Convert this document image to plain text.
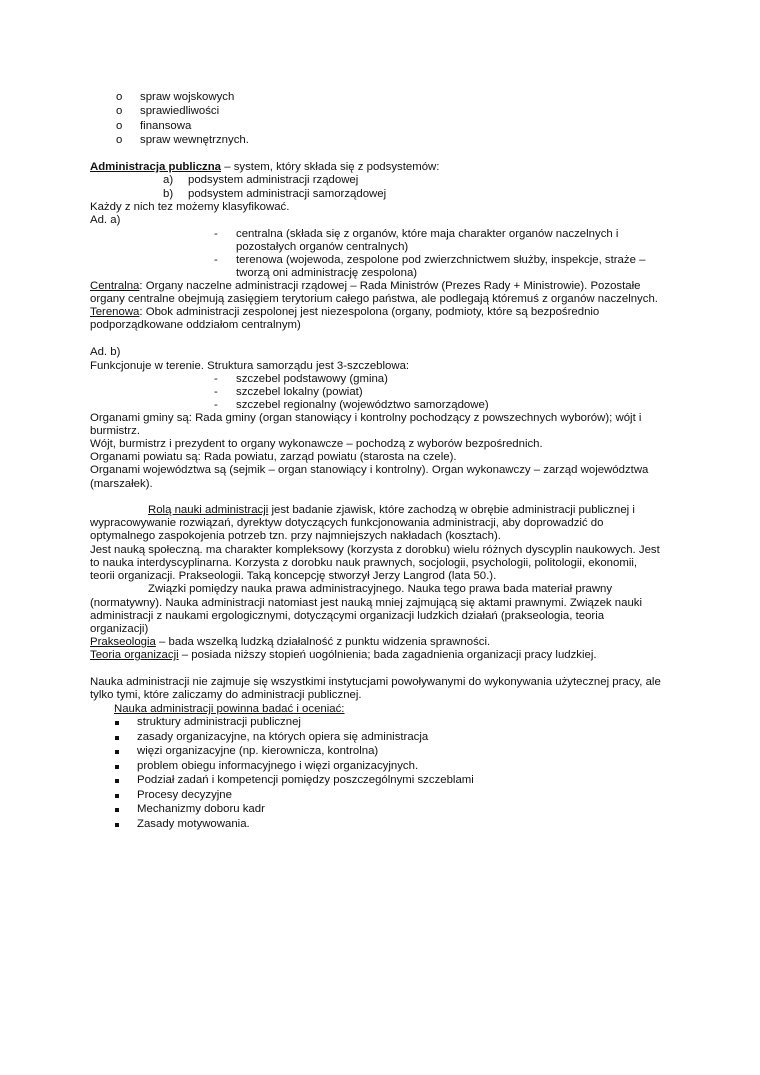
o spraw wojskowych
o sprawiedliwości
o finansowa
o spraw wewnętrznych.
Administracja publiczna – system, który składa się z podsystemów:
a) podsystem administracji rządowej
b) podsystem administracji samorządowej
Każdy z nich tez możemy klasyfikować.
Ad. a)
- centralna (składa się z organów, które maja charakter organów naczelnych i
pozostałych organów centralnych)
- terenowa (wojewoda, zespolone pod zwierzchnictwem służby, inspekcje, straże –
tworzą oni administrację zespolona)
Centralna: Organy naczelne administracji rządowej – Rada Ministrów (Prezes Rady + Ministrowie). Pozostałe
organy centralne obejmują zasięgiem terytorium całego państwa, ale podlegają któremuś z organów naczelnych.
Terenowa: Obok administracji zespolonej jest niezespolona (organy, podmioty, które są bezpośrednio
podporządkowane oddziałom centralnym)
Ad. b)
Funkcjonuje w terenie. Struktura samorządu jest 3-szczeblowa:
- szczebel podstawowy (gmina)
- szczebel lokalny (powiat)
- szczebel regionalny (województwo samorządowe)
Organami gminy są: Rada gminy (organ stanowiący i kontrolny pochodzący z powszechnych wyborów); wójt i
burmistrz.
Wójt, burmistrz i prezydent to organy wykonawcze – pochodzą z wyborów bezpośrednich.
Organami powiatu są: Rada powiatu, zarząd powiatu (starosta na czele).
Organami województwa są (sejmik – organ stanowiący i kontrolny). Organ wykonawczy – zarząd województwa
(marszałek).
Rolą nauki administracji jest badanie zjawisk, które zachodzą w obrębie administracji publicznej i
wypracowywanie rozwiązań, dyrektyw dotyczących funkcjonowania administracji, aby doprowadzić do
optymalnego zaspokojenia potrzeb tzn. przy najmniejszych nakładach (kosztach).
Jest nauką społeczną. ma charakter kompleksowy (korzysta z dorobku) wielu różnych dyscyplin naukowych. Jest
to nauka interdyscyplinarna. Korzysta z dorobku nauk prawnych, socjologii, psychologii, politologii, ekonomii,
teorii organizacji. Prakseologii. Taką koncepcję stworzył Jerzy Langrod (lata 50.).
Związki pomiędzy nauka prawa administracyjnego. Nauka tego prawa bada materiał prawny
(normatywny). Nauka administracji natomiast jest nauką mniej zajmującą się aktami prawnymi. Związek nauki
administracji z naukami ergologicznymi, dotyczącymi organizacji ludzkich działań (prakseologia, teoria
organizacji)
Prakseologia – bada wszelką ludzką działalność z punktu widzenia sprawności.
Teoria organizacji – posiada niższy stopień uogólnienia; bada zagadnienia organizacji pracy ludzkiej.
Nauka administracji nie zajmuje się wszystkimi instytucjami powoływanymi do wykonywania użytecznej pracy, ale
tylko tymi, które zaliczamy do administracji publicznej.
Nauka administracji powinna badać i oceniać:
struktury administracji publicznej
zasady organizacyjne, na których opiera się administracja
więzi organizacyjne (np. kierownicza, kontrolna)
problem obiegu informacyjnego i więzi organizacyjnych.
Podział zadań i kompetencji pomiędzy poszczególnymi szczeblami
Procesy decyzyjne
Mechanizmy doboru kadr
Zasady motywowania.
